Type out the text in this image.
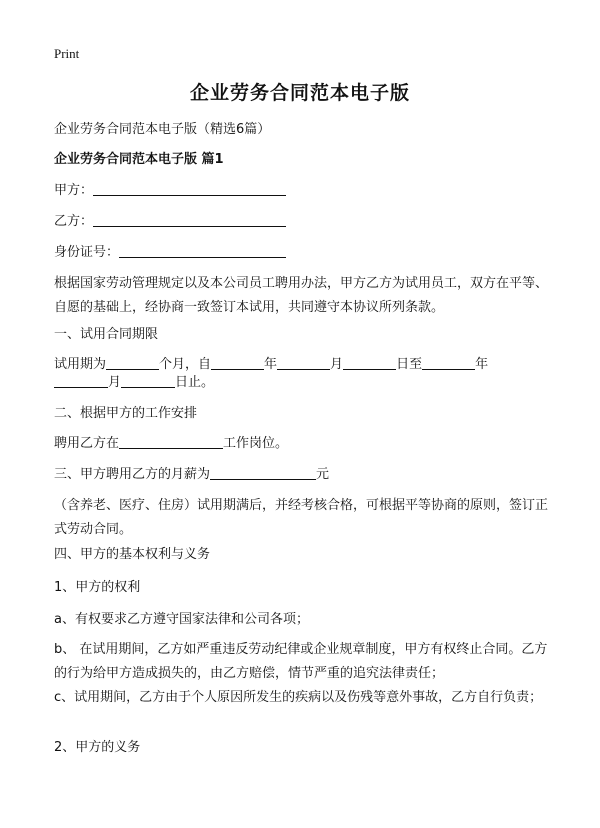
Print
企业劳务合同范本电子版
企业劳务合同范本电子版（精选6篇）
企业劳务合同范本电子版 篇1
甲方：
乙方：
身份证号：
根据国家劳动管理规定以及本公司员工聘用办法，甲方乙方为试用员工，双方在平等、自愿的基础上，经协商一致签订本试用，共同遵守本协议所列条款。
一、试用合同期限
试用期为	个月，自	年	月	日至	年
月	日止。
二、根据甲方的工作安排
聘用乙方在	工作岗位。
三、甲方聘用乙方的月薪为	元
（含养老、医疗、住房）试用期满后，并经考核合格，可根据平等协商的原则，签订正式劳动合同。
四、甲方的基本权利与义务
1、甲方的权利
a、有权要求乙方遵守国家法律和公司各项；
b、 在试用期间，乙方如严重违反劳动纪律或企业规章制度，甲方有权终止合同。乙方的行为给甲方造成损失的，由乙方赔偿，情节严重的追究法律责任；
c、试用期间，乙方由于个人原因所发生的疾病以及伤残等意外事故，乙方自行负责；
2、甲方的义务
